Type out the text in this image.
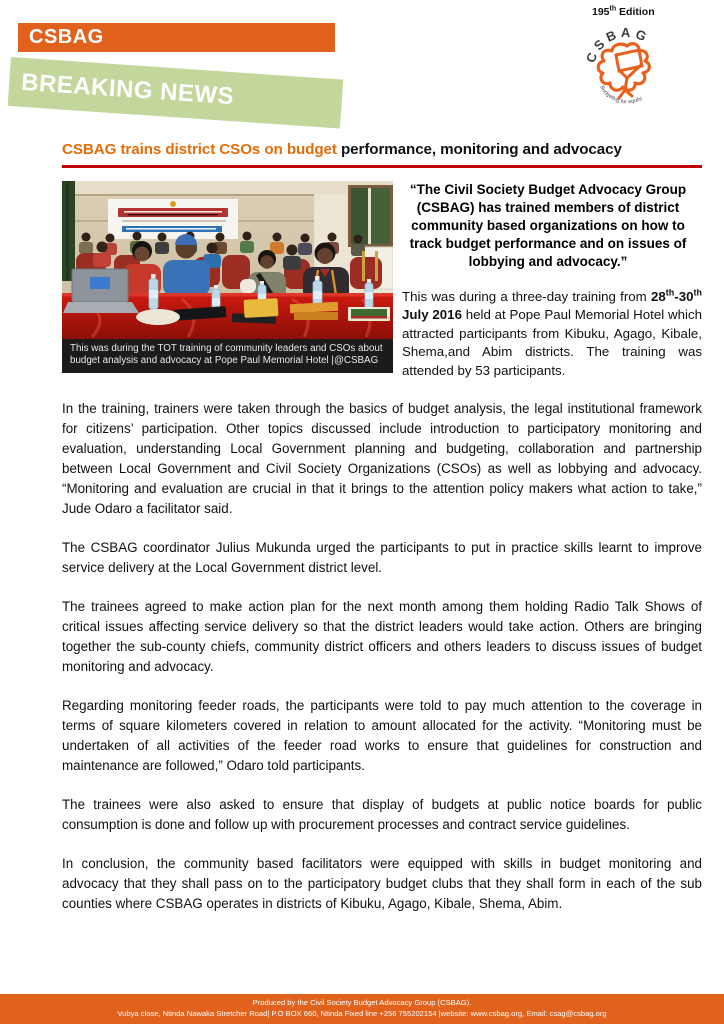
195th Edition
CSBAG
BREAKING NEWS
CSBAG
Budgeting for equity
CSBAG trains district CSOs on budget performance, monitoring and advocacy
This was during the TOT training of community leaders and CSOs about budget analysis and advocacy at Pope Paul Memorial Hotel |@CSBAG

“The Civil Society Budget Advocacy Group (CSBAG) has trained members of district community based organizations on how to track budget performance and on issues of lobbying and advocacy.”

This was during a three-day training from 28th-30th July 2016 held at Pope Paul Memorial Hotel which attracted participants from Kibuku, Agago, Kibale, Shema,and Abim districts. The training was attended by 53 participants.

In the training, trainers were taken through the basics of budget analysis, the legal institutional framework for citizens’ participation. Other topics discussed include introduction to participatory monitoring and evaluation, understanding Local Government planning and budgeting, collaboration and partnership between Local Government and Civil Society Organizations (CSOs) as well as lobbying and advocacy. “Monitoring and evaluation are crucial in that it brings to the attention policy makers what action to take,” Jude Odaro a facilitator said.

The CSBAG coordinator Julius Mukunda urged the participants to put in practice skills learnt to improve service delivery at the Local Government district level.

The trainees agreed to make action plan for the next month among them holding Radio Talk Shows of critical issues affecting service delivery so that the district leaders would take action. Others are bringing together the sub-county chiefs, community district officers and others leaders to discuss issues of budget monitoring and advocacy.

Regarding monitoring feeder roads, the participants were told to pay much attention to the coverage in terms of square kilometers covered in relation to amount allocated for the activity. “Monitoring must be undertaken of all activities of the feeder road works to ensure that guidelines for construction and maintenance are followed,” Odaro told participants.

The trainees were also asked to ensure that display of budgets at public notice boards for public consumption is done and follow up with procurement processes and contract service guidelines.

In conclusion, the community based facilitators were equipped with skills in budget monitoring and advocacy that they shall pass on to the participatory budget clubs that they shall form in each of the sub counties where CSBAG operates in districts of Kibuku, Agago, Kibale, Shema, Abim.

Produced by the Civil Society Budget Advocacy Group (CSBAG).
Vubya close, Ntinda Nawaka Stretcher Road| P.O BOX 660, Ntinda Fixed line +256 755202154 |website: www.csbag.org, Email: csag@csbag.org
